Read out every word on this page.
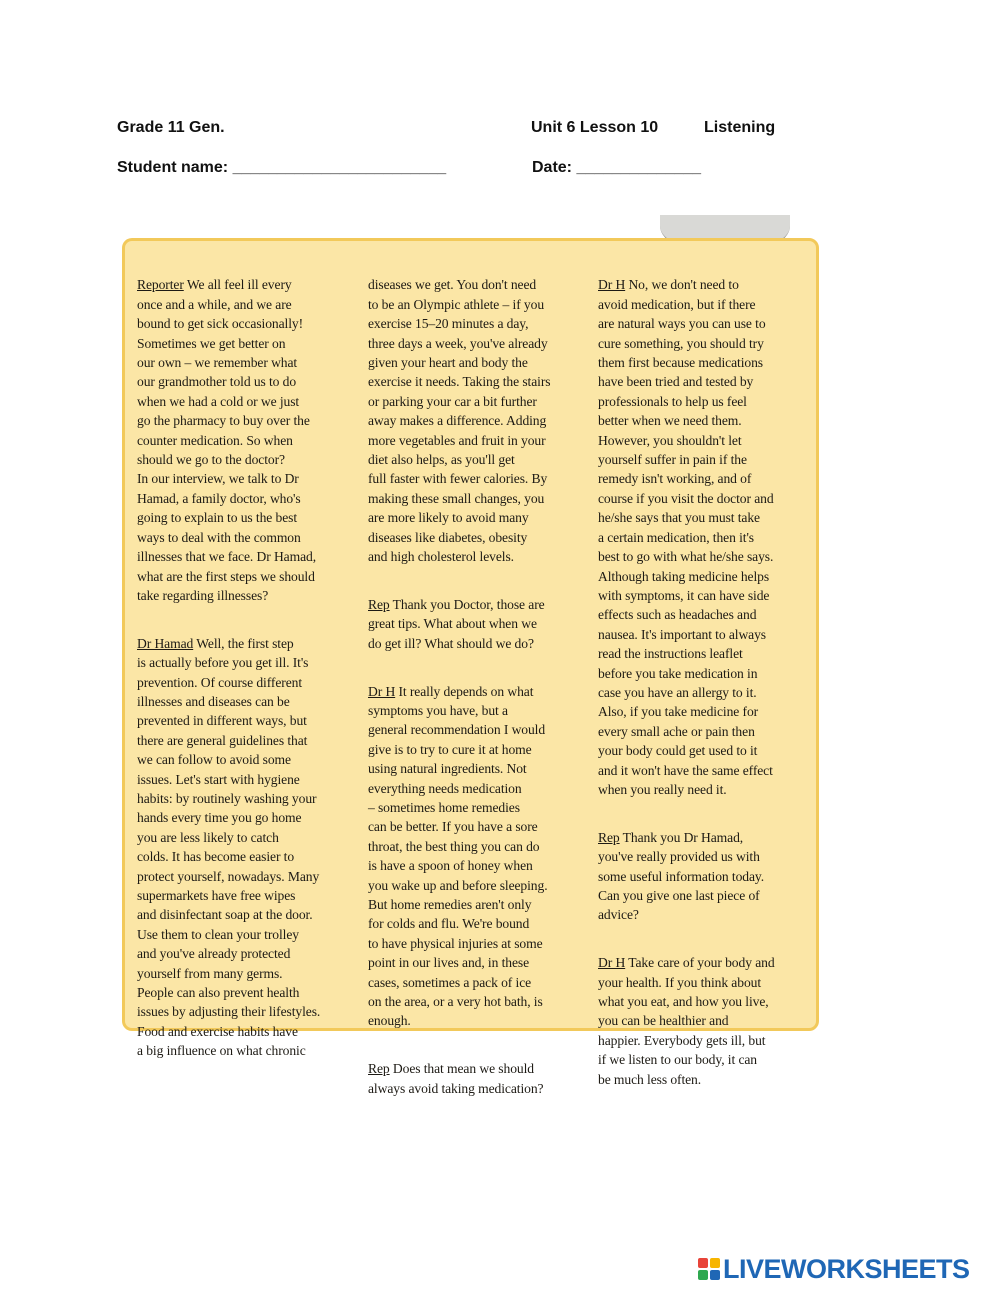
Grade 11 Gen.	Unit 6 Lesson 10	Listening
Student name: ________________________	Date: ______________

Reporter We all feel ill every
once and a while, and we are
bound to get sick occasionally!
Sometimes we get better on
our own – we remember what
our grandmother told us to do
when we had a cold or we just
go the pharmacy to buy over the
counter medication. So when
should we go to the doctor?
In our interview, we talk to Dr
Hamad, a family doctor, who's
going to explain to us the best
ways to deal with the common
illnesses that we face. Dr Hamad,
what are the first steps we should
take regarding illnesses?

Dr Hamad Well, the first step
is actually before you get ill. It's
prevention. Of course different
illnesses and diseases can be
prevented in different ways, but
there are general guidelines that
we can follow to avoid some
issues. Let's start with hygiene
habits: by routinely washing your
hands every time you go home
you are less likely to catch
colds. It has become easier to
protect yourself, nowadays. Many
supermarkets have free wipes
and disinfectant soap at the door.
Use them to clean your trolley
and you've already protected
yourself from many germs.
People can also prevent health
issues by adjusting their lifestyles.
Food and exercise habits have
a big influence on what chronic

diseases we get. You don't need
to be an Olympic athlete – if you
exercise 15–20 minutes a day,
three days a week, you've already
given your heart and body the
exercise it needs. Taking the stairs
or parking your car a bit further
away makes a difference. Adding
more vegetables and fruit in your
diet also helps, as you'll get
full faster with fewer calories. By
making these small changes, you
are more likely to avoid many
diseases like diabetes, obesity
and high cholesterol levels.

Rep Thank you Doctor, those are
great tips. What about when we
do get ill? What should we do?

Dr H It really depends on what
symptoms you have, but a
general recommendation I would
give is to try to cure it at home
using natural ingredients. Not
everything needs medication
– sometimes home remedies
can be better. If you have a sore
throat, the best thing you can do
is have a spoon of honey when
you wake up and before sleeping.
But home remedies aren't only
for colds and flu. We're bound
to have physical injuries at some
point in our lives and, in these
cases, sometimes a pack of ice
on the area, or a very hot bath, is
enough.

Rep Does that mean we should
always avoid taking medication?

Dr H No, we don't need to
avoid medication, but if there
are natural ways you can use to
cure something, you should try
them first because medications
have been tried and tested by
professionals to help us feel
better when we need them.
However, you shouldn't let
yourself suffer in pain if the
remedy isn't working, and of
course if you visit the doctor and
he/she says that you must take
a certain medication, then it's
best to go with what he/she says.
Although taking medicine helps
with symptoms, it can have side
effects such as headaches and
nausea. It's important to always
read the instructions leaflet
before you take medication in
case you have an allergy to it.
Also, if you take medicine for
every small ache or pain then
your body could get used to it
and it won't have the same effect
when you really need it.

Rep Thank you Dr Hamad,
you've really provided us with
some useful information today.
Can you give one last piece of
advice?

Dr H Take care of your body and
your health. If you think about
what you eat, and how you live,
you can be healthier and
happier. Everybody gets ill, but
if we listen to our body, it can
be much less often.

LIVEWORKSHEETS
